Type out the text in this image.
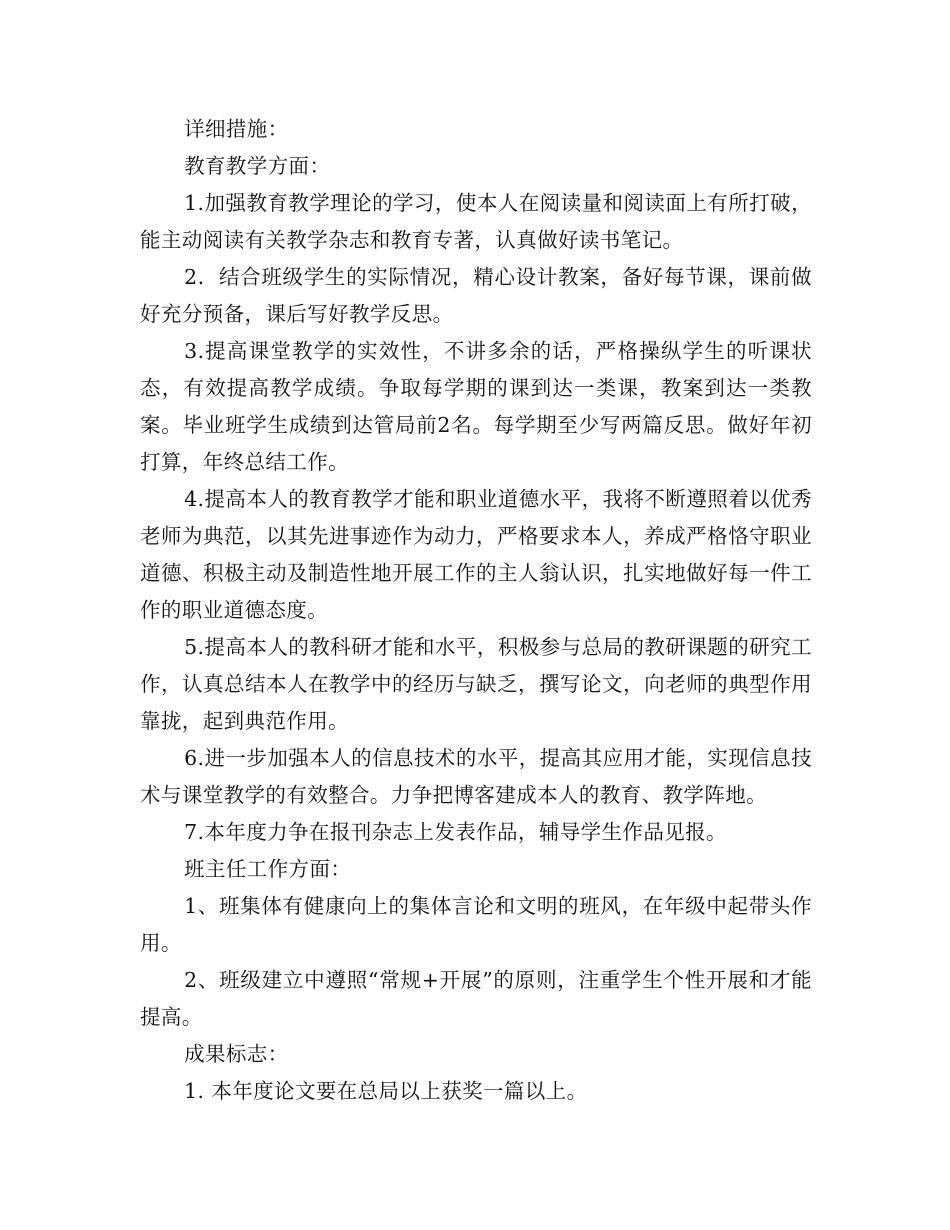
详细措施：

教育教学方面：

1.加强教育教学理论的学习，使本人在阅读量和阅读面上有所打破，能主动阅读有关教学杂志和教育专著，认真做好读书笔记。

2．结合班级学生的实际情况，精心设计教案，备好每节课，课前做好充分预备，课后写好教学反思。

3.提高课堂教学的实效性，不讲多余的话，严格操纵学生的听课状态，有效提高教学成绩。争取每学期的课到达一类课，教案到达一类教案。毕业班学生成绩到达管局前2名。每学期至少写两篇反思。做好年初打算，年终总结工作。

4.提高本人的教育教学才能和职业道德水平，我将不断遵照着以优秀老师为典范，以其先进事迹作为动力，严格要求本人，养成严格恪守职业道德、积极主动及制造性地开展工作的主人翁认识，扎实地做好每一件工作的职业道德态度。

5.提高本人的教科研才能和水平，积极参与总局的教研课题的研究工作，认真总结本人在教学中的经历与缺乏，撰写论文，向老师的典型作用靠拢，起到典范作用。

6.进一步加强本人的信息技术的水平，提高其应用才能，实现信息技术与课堂教学的有效整合。力争把博客建成本人的教育、教学阵地。

7.本年度力争在报刊杂志上发表作品，辅导学生作品见报。

班主任工作方面：

1、班集体有健康向上的集体言论和文明的班风，在年级中起带头作用。

2、班级建立中遵照“常规+开展”的原则，注重学生个性开展和才能提高。

成果标志：

1. 本年度论文要在总局以上获奖一篇以上。
